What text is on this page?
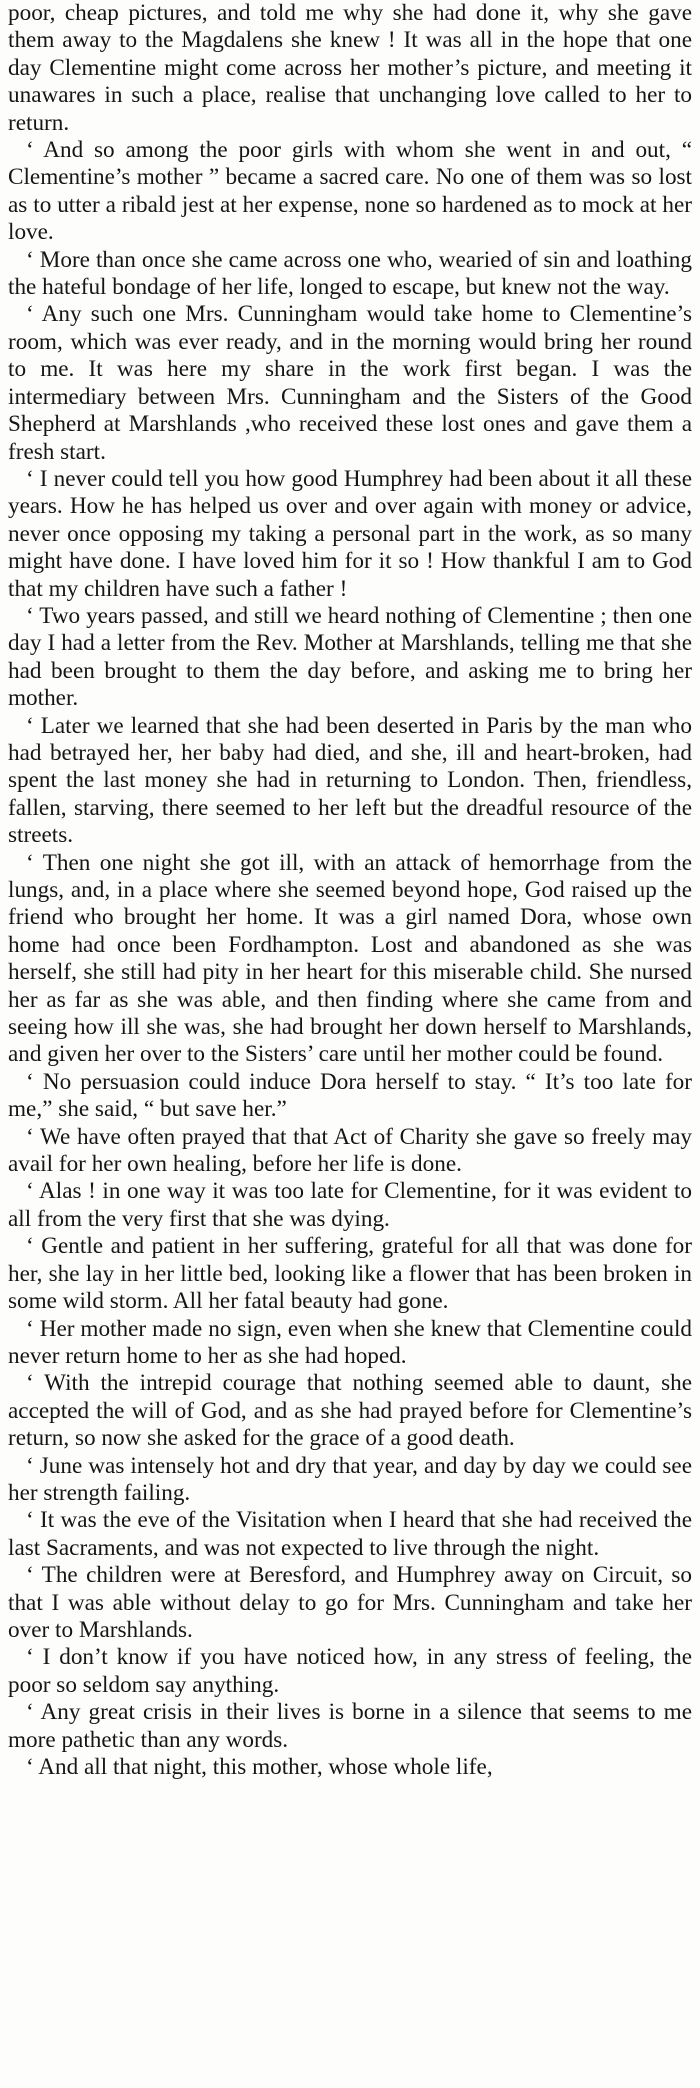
poor, cheap pictures, and told me why she had done it, why she gave them away to the Magdalens she knew ! It was all in the hope that one day Clementine might come across her mother’s picture, and meeting it unawares in such a place, realise that unchanging love called to her to return.

‘ And so among the poor girls with whom she went in and out, “ Clementine’s mother ” became a sacred care. No one of them was so lost as to utter a ribald jest at her expense, none so hardened as to mock at her love.

‘ More than once she came across one who, wearied of sin and loathing the hateful bondage of her life, longed to escape, but knew not the way.

‘ Any such one Mrs. Cunningham would take home to Clementine’s room, which was ever ready, and in the morning would bring her round to me. It was here my share in the work first began. I was the intermediary between Mrs. Cunningham and the Sisters of the Good Shepherd at Marshlands ,who received these lost ones and gave them a fresh start.

‘ I never could tell you how good Humphrey had been about it all these years. How he has helped us over and over again with money or advice, never once opposing my taking a personal part in the work, as so many might have done. I have loved him for it so ! How thankful I am to God that my children have such a father !

‘ Two years passed, and still we heard nothing of Clementine ; then one day I had a letter from the Rev. Mother at Marshlands, telling me that she had been brought to them the day before, and asking me to bring her mother.

‘ Later we learned that she had been deserted in Paris by the man who had betrayed her, her baby had died, and she, ill and heart-broken, had spent the last money she had in returning to London. Then, friendless, fallen, starving, there seemed to her left but the dreadful resource of the streets.

‘ Then one night she got ill, with an attack of hemorrhage from the lungs, and, in a place where she seemed beyond hope, God raised up the friend who brought her home. It was a girl named Dora, whose own home had once been Fordhampton. Lost and abandoned as she was herself, she still had pity in her heart for this miserable child. She nursed her as far as she was able, and then finding where she came from and seeing how ill she was, she had brought her down herself to Marshlands, and given her over to the Sisters’ care until her mother could be found.

‘ No persuasion could induce Dora herself to stay. “ It’s too late for me,” she said, “ but save her.”

‘ We have often prayed that that Act of Charity she gave so freely may avail for her own healing, before her life is done.

‘ Alas ! in one way it was too late for Clementine, for it was evident to all from the very first that she was dying.

‘ Gentle and patient in her suffering, grateful for all that was done for her, she lay in her little bed, looking like a flower that has been broken in some wild storm. All her fatal beauty had gone.

‘ Her mother made no sign, even when she knew that Clementine could never return home to her as she had hoped.

‘ With the intrepid courage that nothing seemed able to daunt, she accepted the will of God, and as she had prayed before for Clementine’s return, so now she asked for the grace of a good death.

‘ June was intensely hot and dry that year, and day by day we could see her strength failing.

‘ It was the eve of the Visitation when I heard that she had received the last Sacraments, and was not expected to live through the night.

‘ The children were at Beresford, and Humphrey away on Circuit, so that I was able without delay to go for Mrs. Cunningham and take her over to Marshlands.

‘ I don’t know if you have noticed how, in any stress of feeling, the poor so seldom say anything.

‘ Any great crisis in their lives is borne in a silence that seems to me more pathetic than any words.

‘ And all that night, this mother, whose whole life,
